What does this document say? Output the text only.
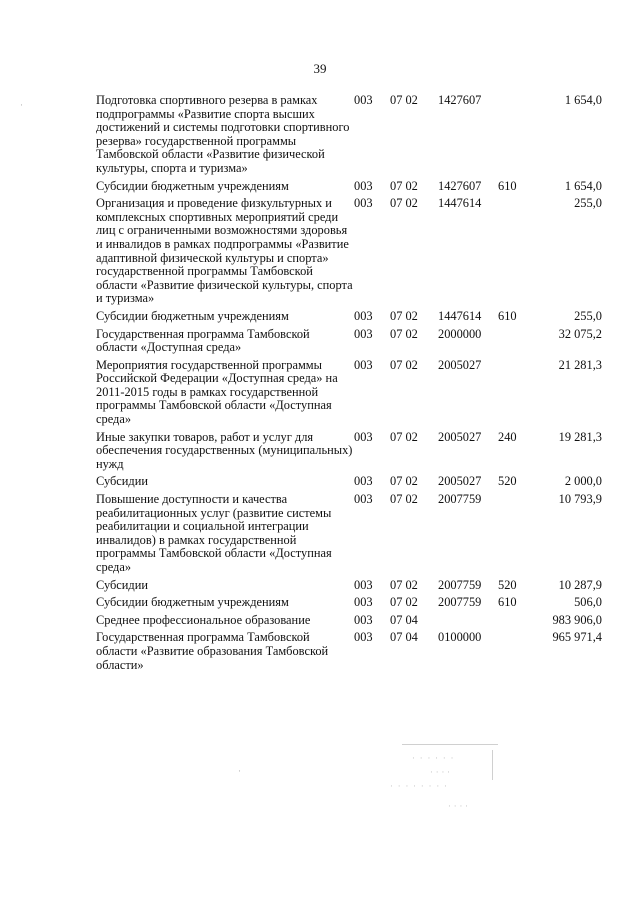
39
Подготовка спортивного резерва в рамках подпрограммы «Развитие спорта высших достижений и системы подготовки спортивного резерва» государственной программы Тамбовской области «Развитие физической культуры, спорта и туризма»	003	07 02	1427607		1 654,0
Субсидии бюджетным учреждениям	003	07 02	1427607	610	1 654,0
Организация и проведение физкультурных и комплексных спортивных мероприятий среди лиц с ограниченными возможностями здоровья и инвалидов в рамках подпрограммы «Развитие адаптивной физической культуры и спорта» государственной программы Тамбовской области «Развитие физической культуры, спорта и туризма»	003	07 02	1447614		255,0
Субсидии бюджетным учреждениям	003	07 02	1447614	610	255,0
Государственная программа Тамбовской области «Доступная среда»	003	07 02	2000000		32 075,2
Мероприятия государственной программы Российской Федерации «Доступная среда» на 2011-2015 годы в рамках государственной программы Тамбовской области «Доступная среда»	003	07 02	2005027		21 281,3
Иные закупки товаров, работ и услуг для обеспечения государственных (муниципальных) нужд	003	07 02	2005027	240	19 281,3
Субсидии	003	07 02	2005027	520	2 000,0
Повышение доступности и качества реабилитационных услуг (развитие системы реабилитации и социальной интеграции инвалидов) в рамках государственной программы Тамбовской области «Доступная среда»	003	07 02	2007759		10 793,9
Субсидии	003	07 02	2007759	520	10 287,9
Субсидии бюджетным учреждениям	003	07 02	2007759	610	506,0
Среднее профессиональное образование	003	07 04			983 906,0
Государственная программа Тамбовской области «Развитие образования Тамбовской области»	003	07 04	0100000		965 971,4
· · · · · ·
· · · ·
· · · · · · · ·
· · · ·
·
·
